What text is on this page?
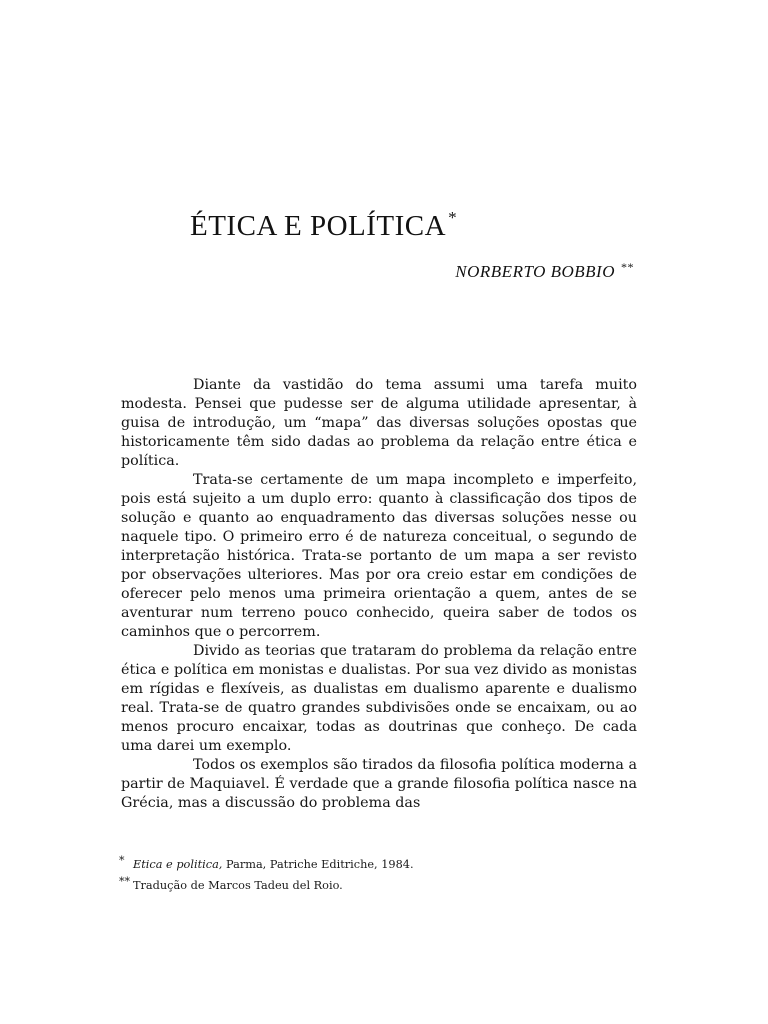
ÉTICA E POLÍTICA *
NORBERTO BOBBIO **

Diante da vastidão do tema assumi uma tarefa muito modesta. Pensei que pudesse ser de alguma utilidade apresentar, à guisa de introdução, um “mapa” das diversas soluções opostas que historicamente têm sido dadas ao problema da relação entre ética e política.

Trata-se certamente de um mapa incompleto e imperfeito, pois está sujeito a um duplo erro: quanto à classificação dos tipos de solução e quanto ao enquadramento das diversas soluções nesse ou naquele tipo. O primeiro erro é de natureza conceitual, o segundo de interpretação histórica. Trata-se portanto de um mapa a ser revisto por observações ulteriores. Mas por ora creio estar em condições de oferecer pelo menos uma primeira orientação a quem, antes de se aventurar num terreno pouco conhecido, queira saber de todos os caminhos que o percorrem.

Divido as teorias que trataram do problema da relação entre ética e política em monistas e dualistas. Por sua vez divido as monistas em rígidas e flexíveis, as dualistas em dualismo aparente e dualismo real. Trata-se de quatro grandes subdivisões onde se encaixam, ou ao menos procuro encaixar, todas as doutrinas que conheço. De cada uma darei um exemplo.

Todos os exemplos são tirados da filosofia política moderna a partir de Maquiavel. É verdade que a grande filosofia política nasce na Grécia, mas a discussão do problema das

* Etica e politica, Parma, Patriche Editriche, 1984.
** Tradução de Marcos Tadeu del Roio.
